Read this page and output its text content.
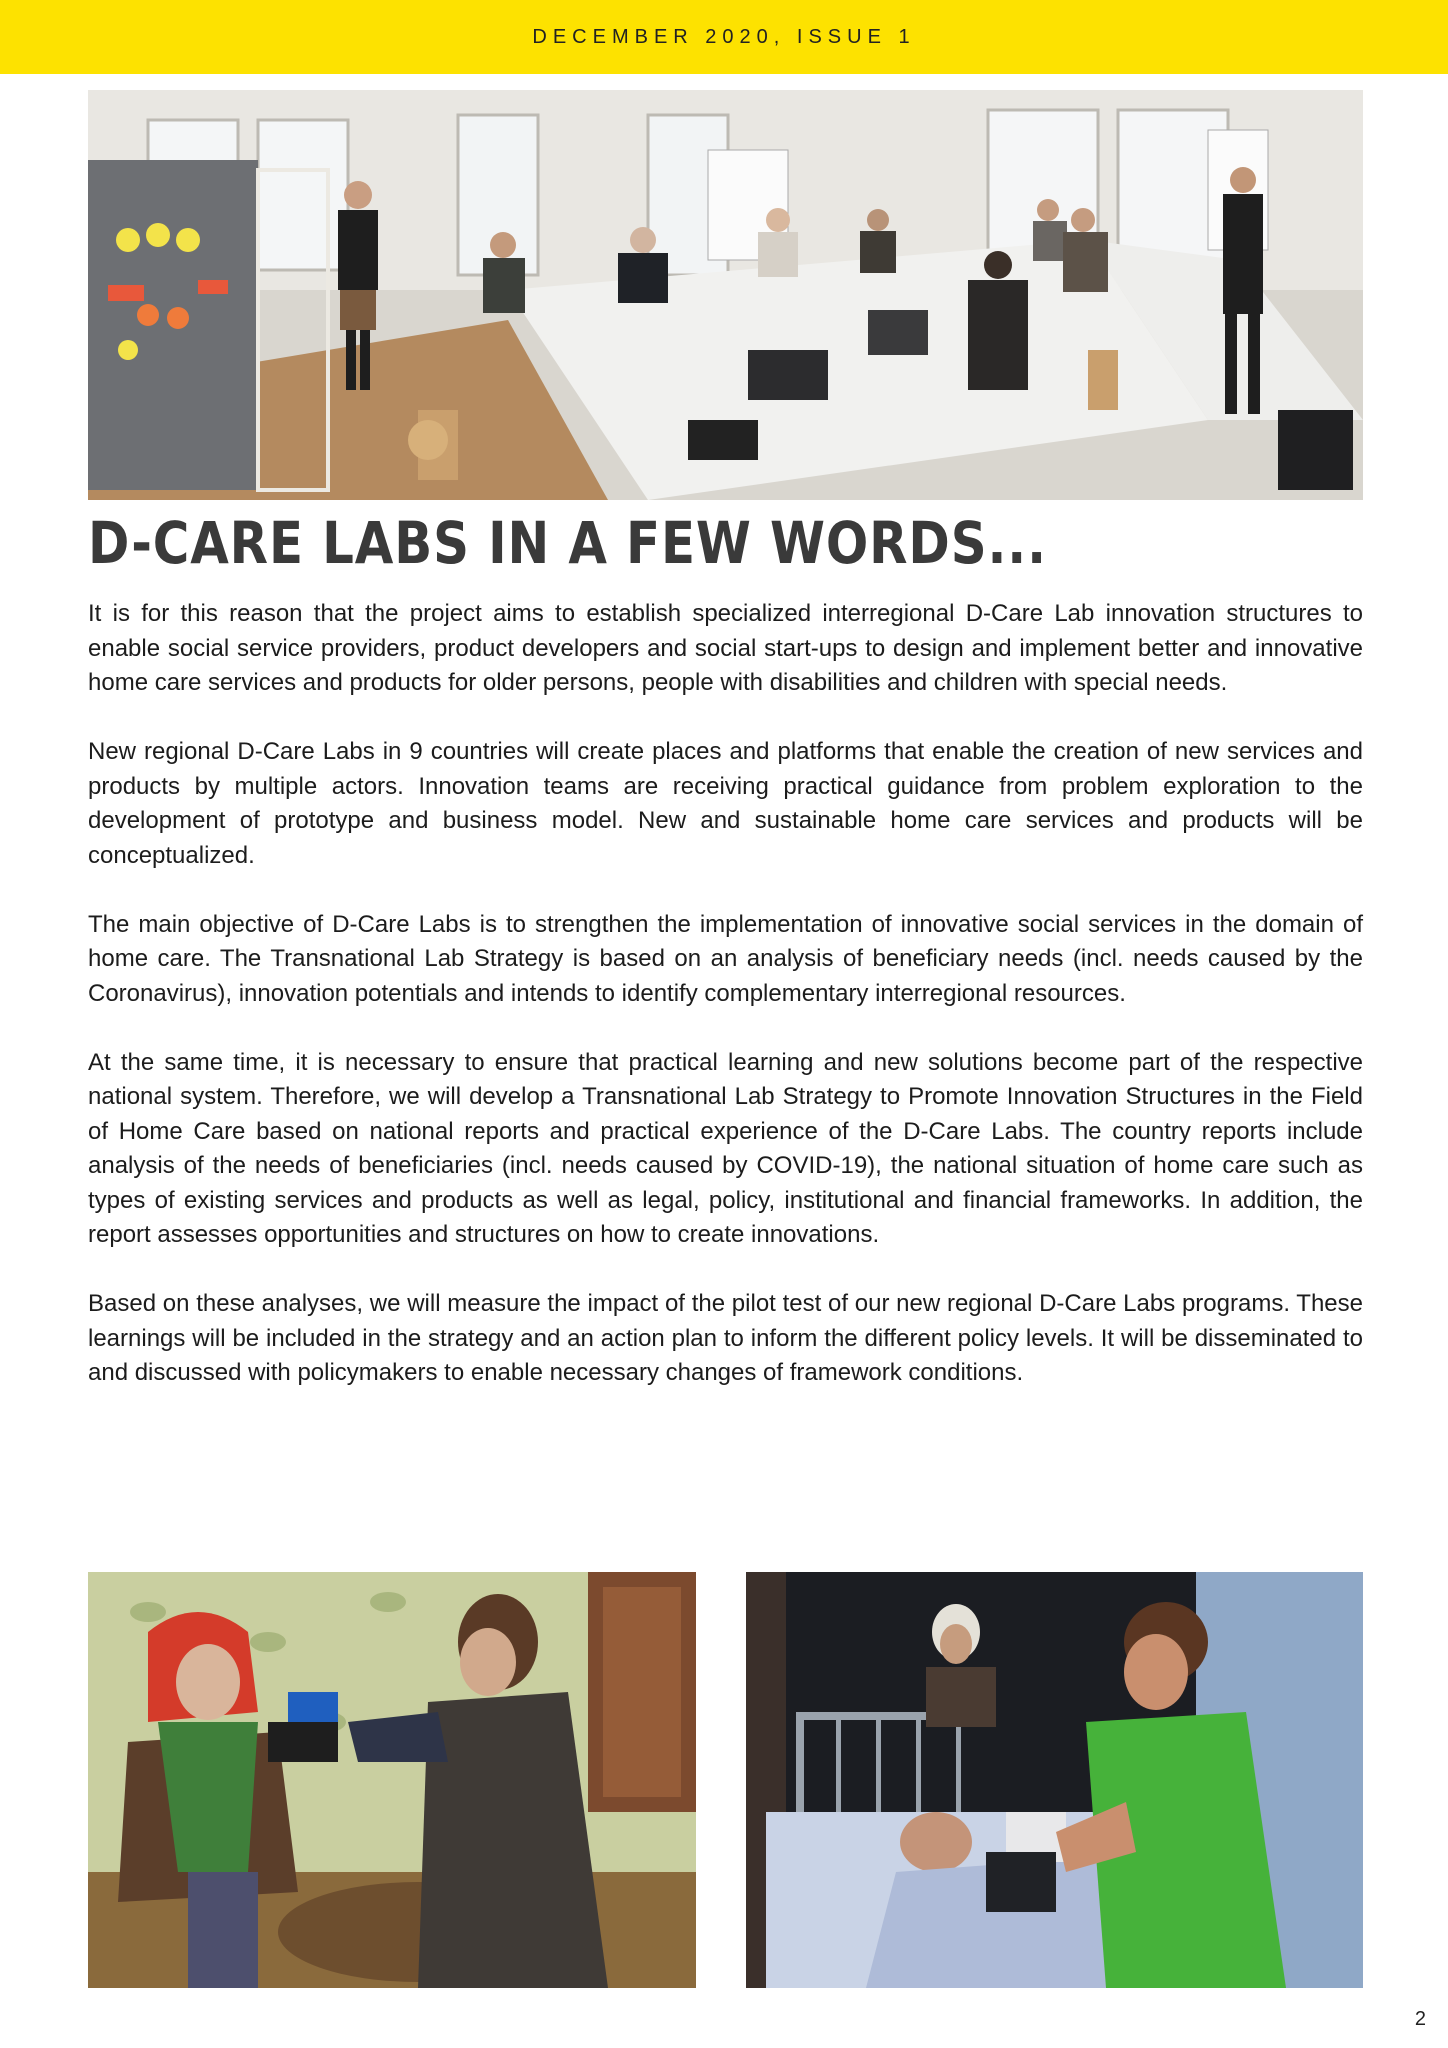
DECEMBER 2020, ISSUE 1
D-CARE LABS IN A FEW WORDS...

It is for this reason that the project aims to establish specialized interregional D-Care Lab innovation structures to enable social service providers, product developers and social start-ups to design and implement better and innovative home care services and products for older persons, people with disabilities and children with special needs.

New regional D-Care Labs in 9 countries will create places and platforms that enable the creation of new services and products by multiple actors. Innovation teams are receiving practical guidance from problem exploration to the development of prototype and business model. New and sustainable home care services and products will be conceptualized.

The main objective of D-Care Labs is to strengthen the implementation of innovative social services in the domain of home care. The Transnational Lab Strategy is based on an analysis of beneficiary needs (incl. needs caused by the Coronavirus), innovation potentials and intends to identify complementary interregional resources.

At the same time, it is necessary to ensure that practical learning and new solutions become part of the respective national system. Therefore, we will develop a Transnational Lab Strategy to Promote Innovation Structures in the Field of Home Care based on national reports and practical experience of the D-Care Labs. The country reports include analysis of the needs of beneficiaries (incl. needs caused by COVID-19), the national situation of home care such as types of existing services and products as well as legal, policy, institutional and financial frameworks. In addition, the report assesses opportunities and structures on how to create innovations.

Based on these analyses, we will measure the impact of the pilot test of our new regional D-Care Labs programs. These learnings will be included in the strategy and an action plan to inform the different policy levels. It will be disseminated to and discussed with policymakers to enable necessary changes of framework conditions.

2
